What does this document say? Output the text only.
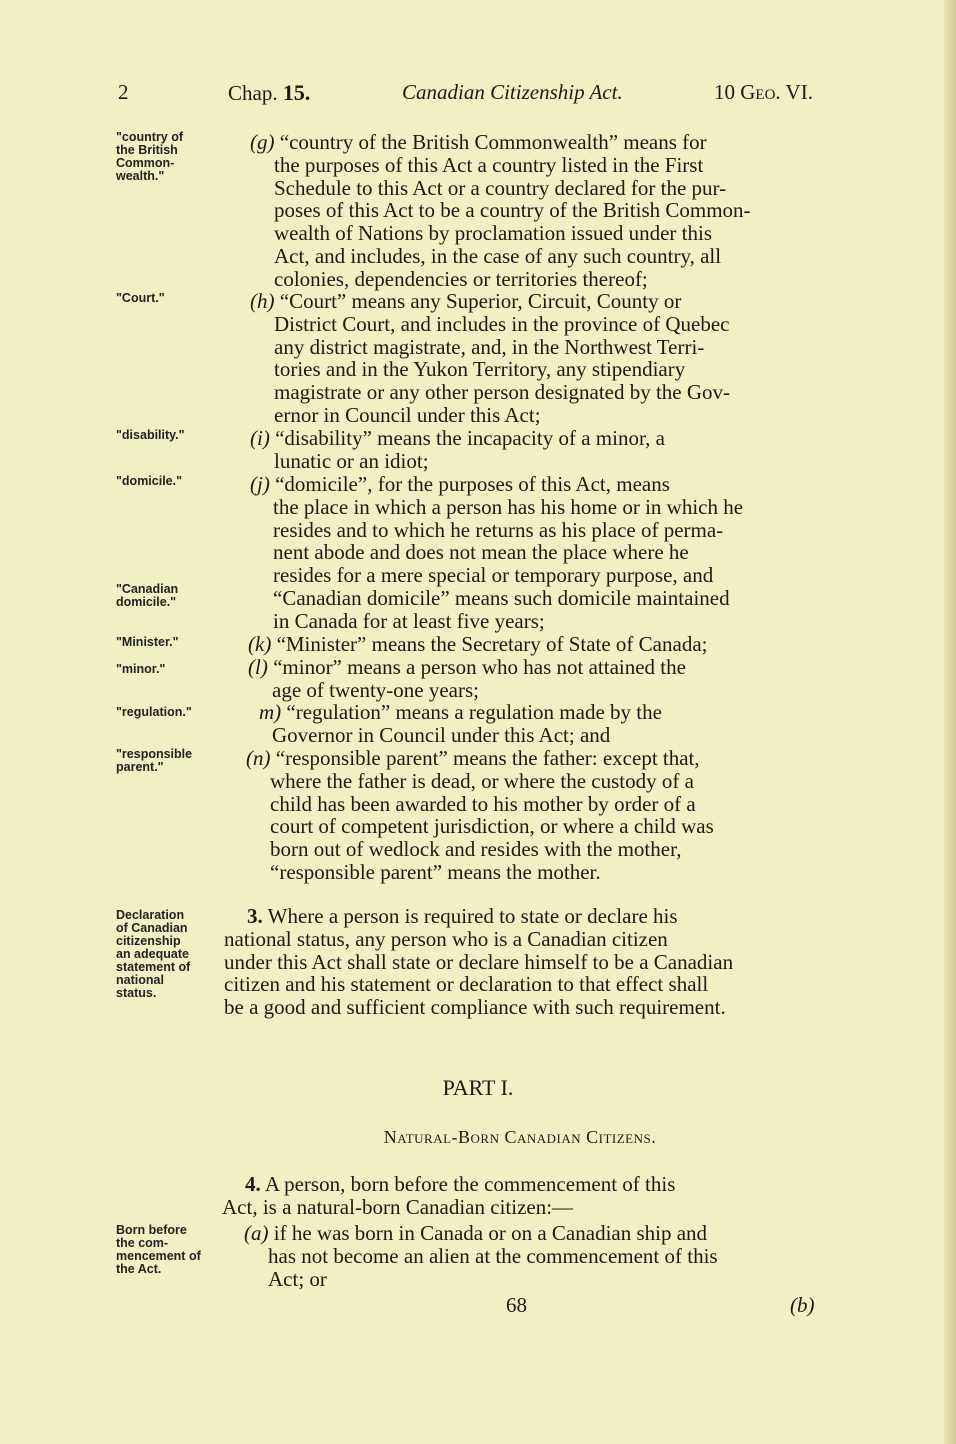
2	Chap. 15.	Canadian Citizenship Act.	10 Geo. VI.
"country of
the British
Common-
wealth."
"Court."
"disability."
"domicile."
"Canadian
domicile."
"Minister."
"minor."
"regulation."
"responsible
parent."
Declaration
of Canadian
citizenship
an adequate
statement of
national
status.
Born before
the com-
mencement of
the Act.
(g) “country of the British Commonwealth” means for
the purposes of this Act a country listed in the First
Schedule to this Act or a country declared for the pur-
poses of this Act to be a country of the British Common-
wealth of Nations by proclamation issued under this
Act, and includes, in the case of any such country, all
colonies, dependencies or territories thereof;
(h) “Court” means any Superior, Circuit, County or
District Court, and includes in the province of Quebec
any district magistrate, and, in the Northwest Terri-
tories and in the Yukon Territory, any stipendiary
magistrate or any other person designated by the Gov-
ernor in Council under this Act;
(i) “disability” means the incapacity of a minor, a
lunatic or an idiot;
(j) “domicile”, for the purposes of this Act, means
the place in which a person has his home or in which he
resides and to which he returns as his place of perma-
nent abode and does not mean the place where he
resides for a mere special or temporary purpose, and
“Canadian domicile” means such domicile maintained
in Canada for at least five years;
(k) “Minister” means the Secretary of State of Canada;
(l) “minor” means a person who has not attained the
age of twenty-one years;
m) “regulation” means a regulation made by the
Governor in Council under this Act; and
(n) “responsible parent” means the father: except that,
where the father is dead, or where the custody of a
child has been awarded to his mother by order of a
court of competent jurisdiction, or where a child was
born out of wedlock and resides with the mother,
“responsible parent” means the mother.
3. Where a person is required to state or declare his
national status, any person who is a Canadian citizen
under this Act shall state or declare himself to be a Canadian
citizen and his statement or declaration to that effect shall
be a good and sufficient compliance with such requirement.
PART I.
Natural-Born Canadian Citizens.
4. A person, born before the commencement of this
Act, is a natural-born Canadian citizen:—
(a) if he was born in Canada or on a Canadian ship and
has not become an alien at the commencement of this
Act; or
68	(b)
